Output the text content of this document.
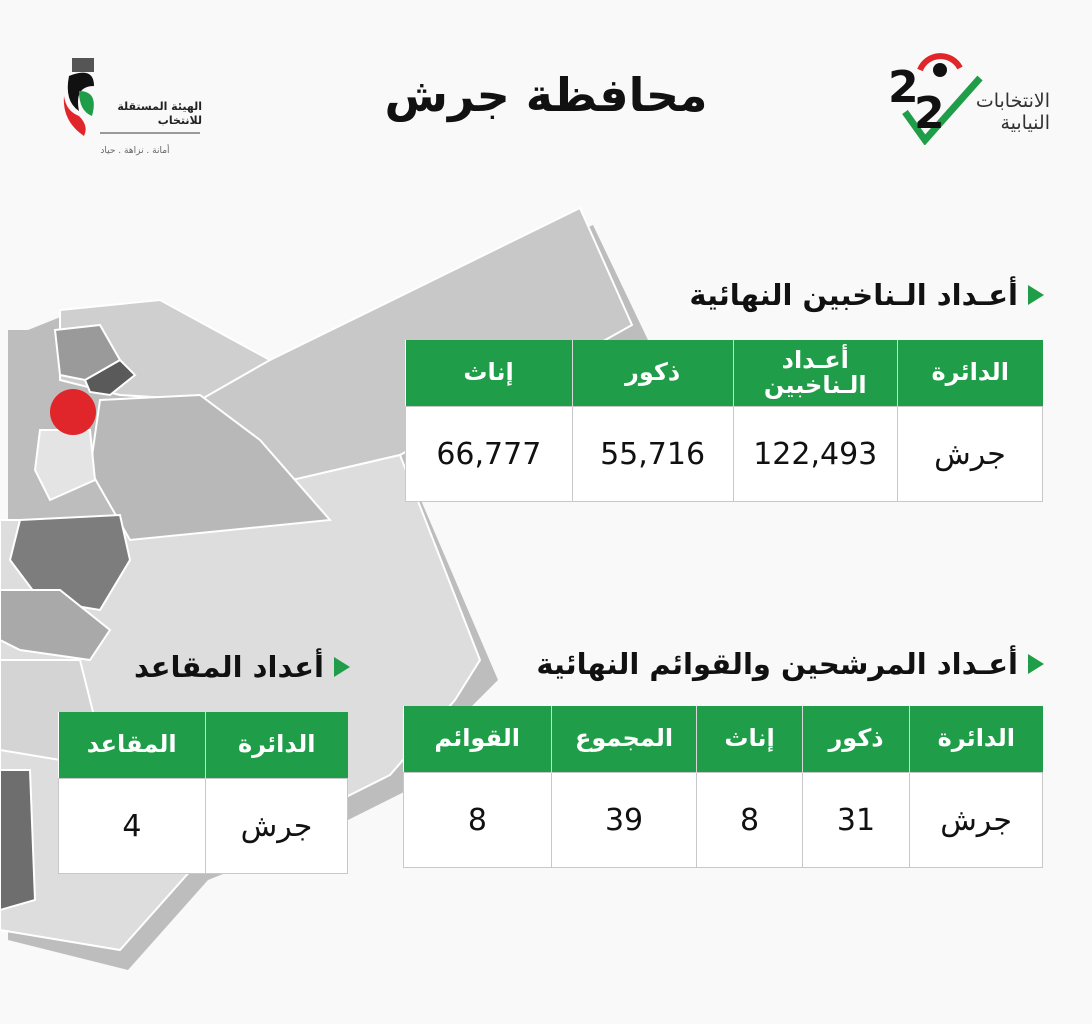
الهيئة المستقلة
للانتخاب
أمانة . نزاهة . حياد
محافظة جرش	2
2	الانتخابات
النيابية
أعـداد الـناخبين النهائية
الدائرة	أعـداد الـناخبين	ذكور	إناث
جرش	122,493	55,716	66,777
أعداد المقاعد
الدائرة	المقاعد
جرش	4
أعـداد المرشحين والقوائم النهائية
الدائرة	ذكور	إناث	المجموع	القوائم
جرش	31	8	39	8
